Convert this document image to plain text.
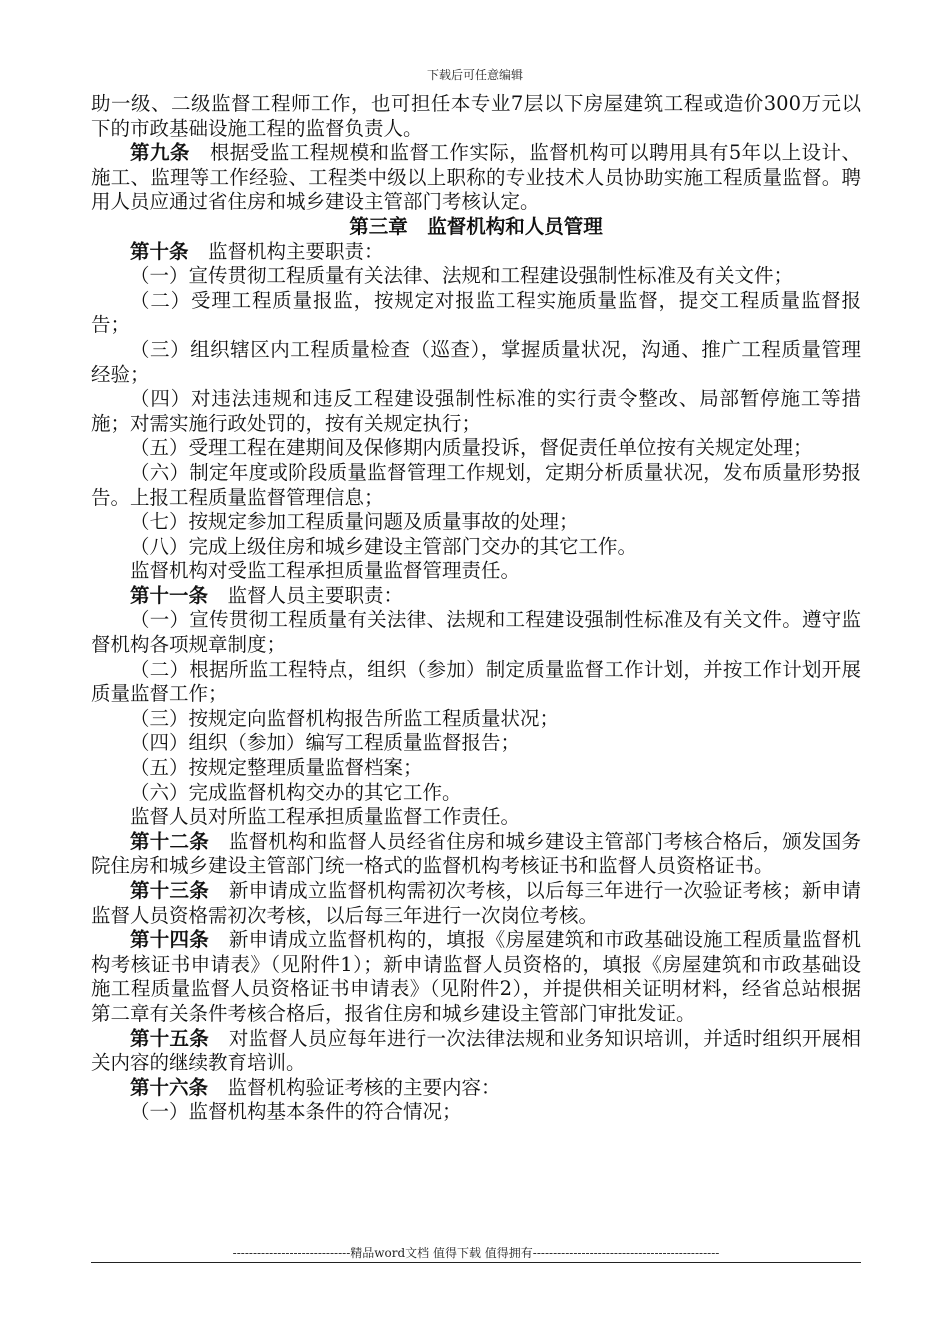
下载后可任意编辑

助一级、二级监督工程师工作，也可担任本专业7层以下房屋建筑工程或造价300万元以下的市政基础设施工程的监督负责人。

第九条　根据受监工程规模和监督工作实际，监督机构可以聘用具有5年以上设计、施工、监理等工作经验、工程类中级以上职称的专业技术人员协助实施工程质量监督。聘用人员应通过省住房和城乡建设主管部门考核认定。

第三章　监督机构和人员管理

第十条　监督机构主要职责：

（一）宣传贯彻工程质量有关法律、法规和工程建设强制性标准及有关文件；

（二）受理工程质量报监，按规定对报监工程实施质量监督，提交工程质量监督报告；

（三）组织辖区内工程质量检查（巡查），掌握质量状况，沟通、推广工程质量管理经验；

（四）对违法违规和违反工程建设强制性标准的实行责令整改、局部暂停施工等措施；对需实施行政处罚的，按有关规定执行；

（五）受理工程在建期间及保修期内质量投诉，督促责任单位按有关规定处理；

（六）制定年度或阶段质量监督管理工作规划，定期分析质量状况，发布质量形势报告。上报工程质量监督管理信息；

（七）按规定参加工程质量问题及质量事故的处理；

（八）完成上级住房和城乡建设主管部门交办的其它工作。

监督机构对受监工程承担质量监督管理责任。

第十一条　监督人员主要职责：

（一）宣传贯彻工程质量有关法律、法规和工程建设强制性标准及有关文件。遵守监督机构各项规章制度；

（二）根据所监工程特点，组织（参加）制定质量监督工作计划，并按工作计划开展质量监督工作；

（三）按规定向监督机构报告所监工程质量状况；

（四）组织（参加）编写工程质量监督报告；

（五）按规定整理质量监督档案；

（六）完成监督机构交办的其它工作。

监督人员对所监工程承担质量监督工作责任。

第十二条　监督机构和监督人员经省住房和城乡建设主管部门考核合格后，颁发国务院住房和城乡建设主管部门统一格式的监督机构考核证书和监督人员资格证书。

第十三条　新申请成立监督机构需初次考核，以后每三年进行一次验证考核；新申请监督人员资格需初次考核，以后每三年进行一次岗位考核。

第十四条　新申请成立监督机构的，填报《房屋建筑和市政基础设施工程质量监督机构考核证书申请表》（见附件1）；新申请监督人员资格的，填报《房屋建筑和市政基础设施工程质量监督人员资格证书申请表》（见附件2），并提供相关证明材料，经省总站根据第二章有关条件考核合格后，报省住房和城乡建设主管部门审批发证。

第十五条　对监督人员应每年进行一次法律法规和业务知识培训，并适时组织开展相关内容的继续教育培训。

第十六条　监督机构验证考核的主要内容：

（一）监督机构基本条件的符合情况；

-----------------------------精品word文档 值得下载 值得拥有----------------------------------------------
